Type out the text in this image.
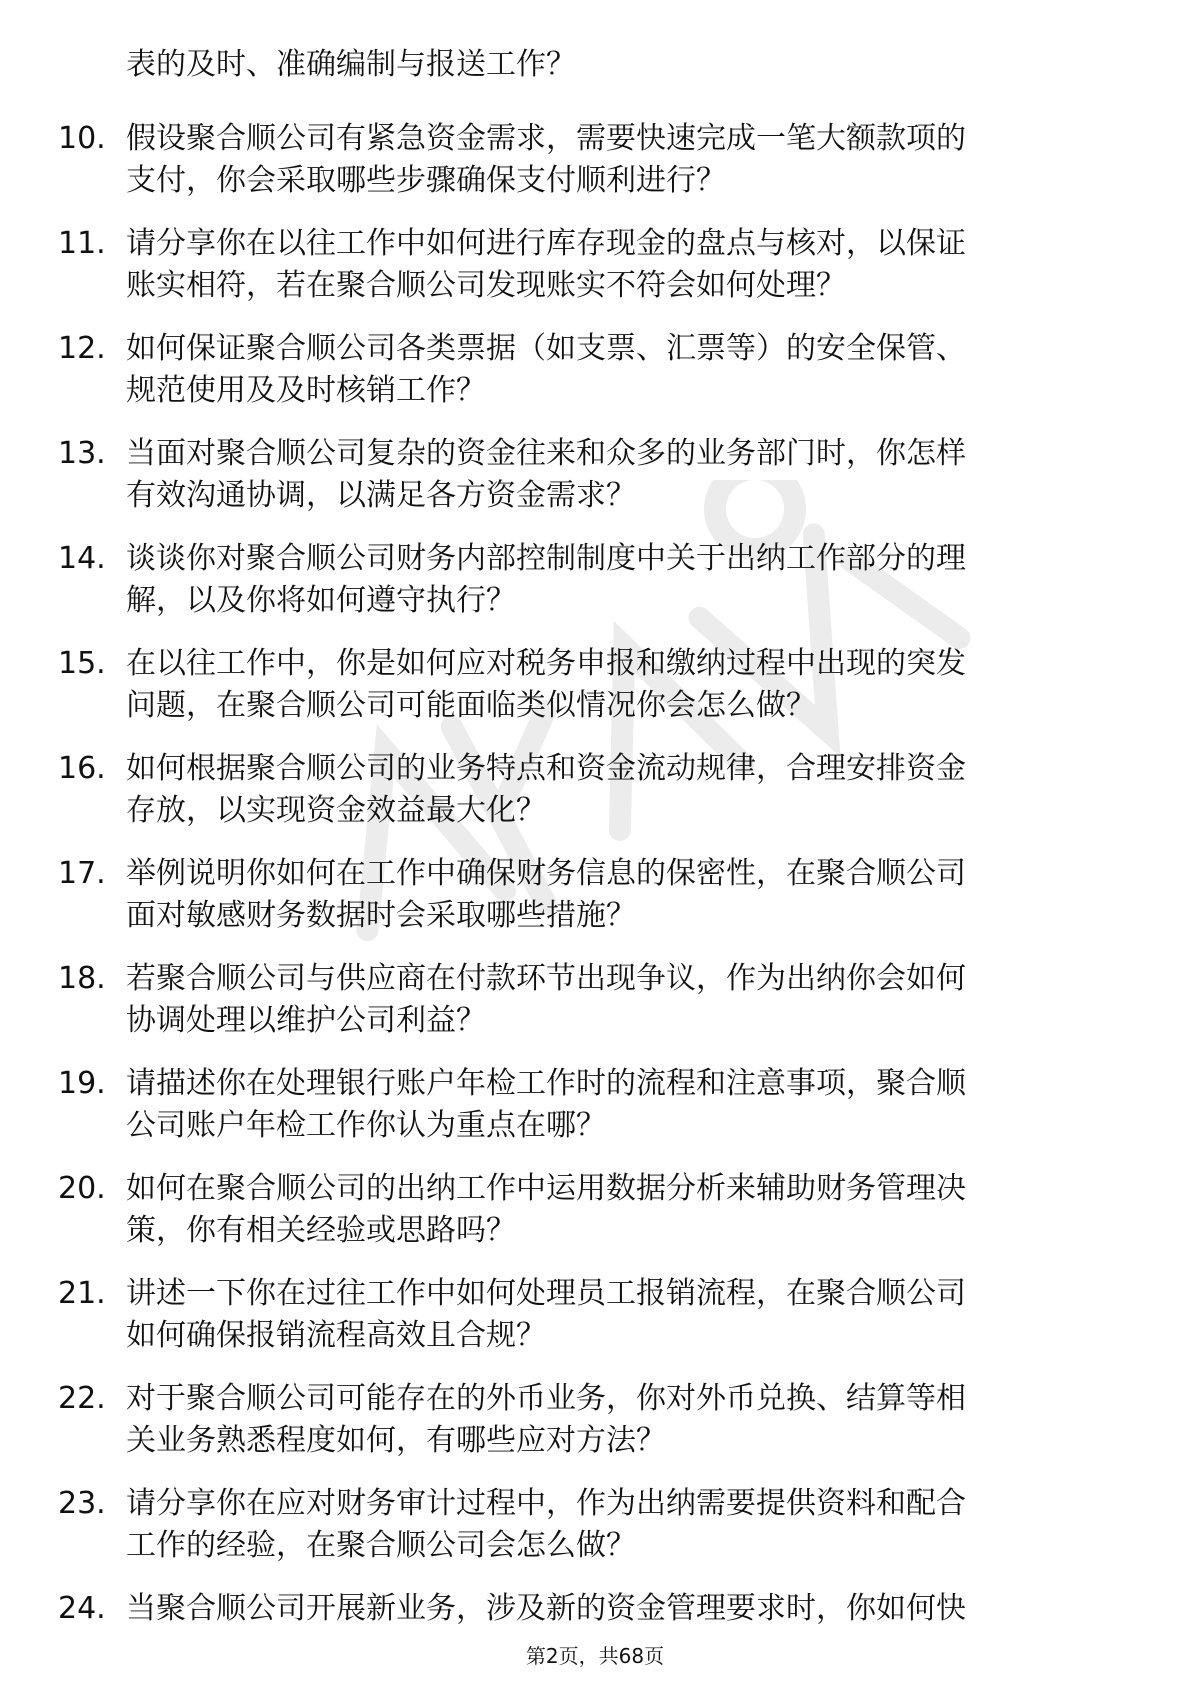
表的及时、准确编制与报送工作？
10. 假设聚合顺公司有紧急资金需求，需要快速完成一笔大额款项的
支付，你会采取哪些步骤确保支付顺利进行？
11. 请分享你在以往工作中如何进行库存现金的盘点与核对，以保证
账实相符，若在聚合顺公司发现账实不符会如何处理？
12. 如何保证聚合顺公司各类票据（如支票、汇票等）的安全保管、
规范使用及及时核销工作？
13. 当面对聚合顺公司复杂的资金往来和众多的业务部门时，你怎样
有效沟通协调，以满足各方资金需求？
14. 谈谈你对聚合顺公司财务内部控制制度中关于出纳工作部分的理
解，以及你将如何遵守执行？
15. 在以往工作中，你是如何应对税务申报和缴纳过程中出现的突发
问题，在聚合顺公司可能面临类似情况你会怎么做？
16. 如何根据聚合顺公司的业务特点和资金流动规律，合理安排资金
存放，以实现资金效益最大化？
17. 举例说明你如何在工作中确保财务信息的保密性，在聚合顺公司
面对敏感财务数据时会采取哪些措施？
18. 若聚合顺公司与供应商在付款环节出现争议，作为出纳你会如何
协调处理以维护公司利益？
19. 请描述你在处理银行账户年检工作时的流程和注意事项，聚合顺
公司账户年检工作你认为重点在哪？
20. 如何在聚合顺公司的出纳工作中运用数据分析来辅助财务管理决
策，你有相关经验或思路吗？
21. 讲述一下你在过往工作中如何处理员工报销流程，在聚合顺公司
如何确保报销流程高效且合规？
22. 对于聚合顺公司可能存在的外币业务，你对外币兑换、结算等相
关业务熟悉程度如何，有哪些应对方法？
23. 请分享你在应对财务审计过程中，作为出纳需要提供资料和配合
工作的经验，在聚合顺公司会怎么做？
24. 当聚合顺公司开展新业务，涉及新的资金管理要求时，你如何快
第2页，共68页
